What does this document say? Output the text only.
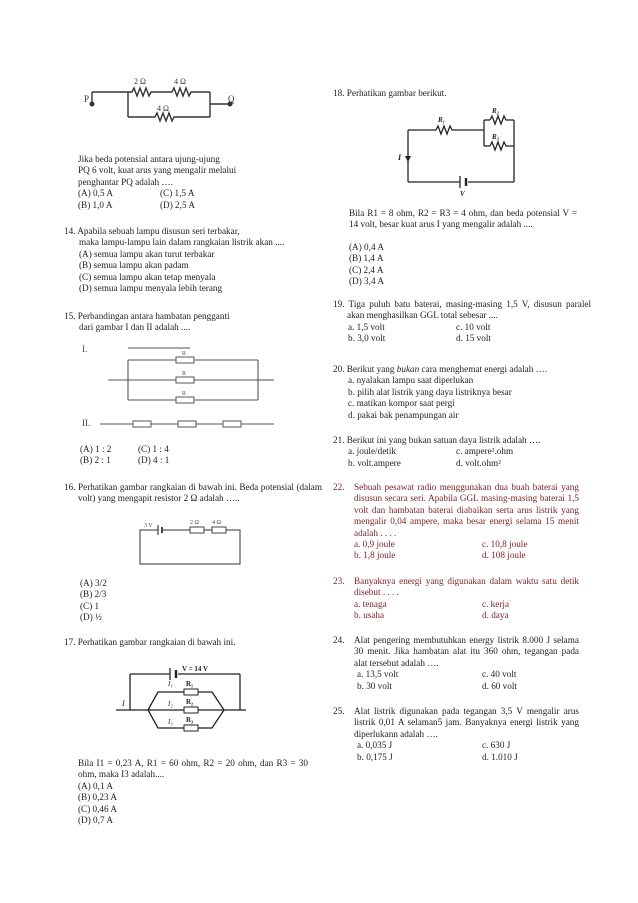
P	Q
2 Ω	4 Ω
4 Ω
Jika beda potensial antara ujung-ujung
PQ 6 volt, kuat arus yang mengalir melalui
penghantar PQ adalah ….
(A) 0,5 A	(C) 1,5 A
(B) 1,0 A	(D) 2,5 A
14. Apabila sebuah lampu disusun seri terbakar,
maka lampu-lampu lain dalam rangkaian listrik akan ....
(A) semua lampu akan turut terbakar
(B) semua lampu akan padam
(C) semua lampu akan tetap menyala
(D) semua lampu menyala lebih terang
15. Perbandingan antara hambatan pengganti
dari gambar I dan II adalah ....
I.	R
R
R
II.
(A) 1 : 2	(C) 1 : 4
(B) 2 : 1	(D) 4 : 1
16. Perhatikan gambar rangkaian di bawah ini. Beda potensial (dalam volt) yang mengapit resistor 2 Ω adalah …..
3 V	2 Ω 4 Ω
(A) 3/2
(B) 2/3
(C) 1
(D) ½
17. Perhatikan gambar rangkaian di bawah ini.
V = 14 V
R₁
R₂
R₃
I₁
I₂
I₃
I
Bila I1 = 0,23 A, R1 = 60 ohm, R2 = 20 ohm, dan R3 = 30 ohm, maka I3 adalah....
(A) 0,1 A
(B) 0,23 A
(C) 0,46 A
(D) 0,7 A
18. Perhatikan gambar berikut.
R₁
R₂
R₃
I
V
Bila R1 = 8 ohm, R2 = R3 = 4 ohm, dan beda potensial V = 14 volt, besar kuat arus I yang mengalir adalah ....
(A) 0,4 A
(B) 1,4 A
(C) 2,4 A
(D) 3,4 A
19. Tiga puluh batu baterai, masing-masing 1,5 V, disusun paralel akan menghasilkan GGL total sebesar ....
a. 1,5 volt	c. 10 volt
b. 3,0 volt	d. 15 volt
20. Berikut yang bukan cara menghemat energi adalah ….
a. nyalakan lampu saat diperlukan
b. pilih alat listrik yang daya listriknya besar
c. matikan kompor saat pergi
d. pakai bak penampungan air
21. Berikut ini yang bukan satuan daya listrik adalah ….
a. joule/detik	c. ampere².ohm
b. volt.ampere	d. volt.ohm²
22.	Sebuah pesawat radio menggunakan dua buah baterai yang disusun secara seri. Apabila GGL masing-masing baterai 1,5 volt dan hambatan baterai diabaikan serta arus listrik yang mengalir 0,04 ampere, maka besar energi selama 15 menit adalah . . . .
a. 0,9 joule	c. 10,8 joule
b. 1,8 joule	d. 108 joule
23.	Banyaknya energi yang digunakan dalam waktu satu detik disebut . . . .
a. tenaga	c. kerja
b. usaha	d. daya
24.	Alat pengering membutuhkan energy listrik 8.000 J selama 30 menit. Jika hambatan alat itu 360 ohm, tegangan pada alat tersebut adalah ….
a. 13,5 volt	c. 40 volt
b. 30 volt	d. 60 volt
25.	Alat listrik digunakan pada tegangan 3,5 V mengalir arus listrik 0,01 A selaman5 jam. Banyaknya energi listrik yang diperlukann adalah ….
a. 0,035 J	c. 630 J
b. 0,175 J	d. 1.010 J
